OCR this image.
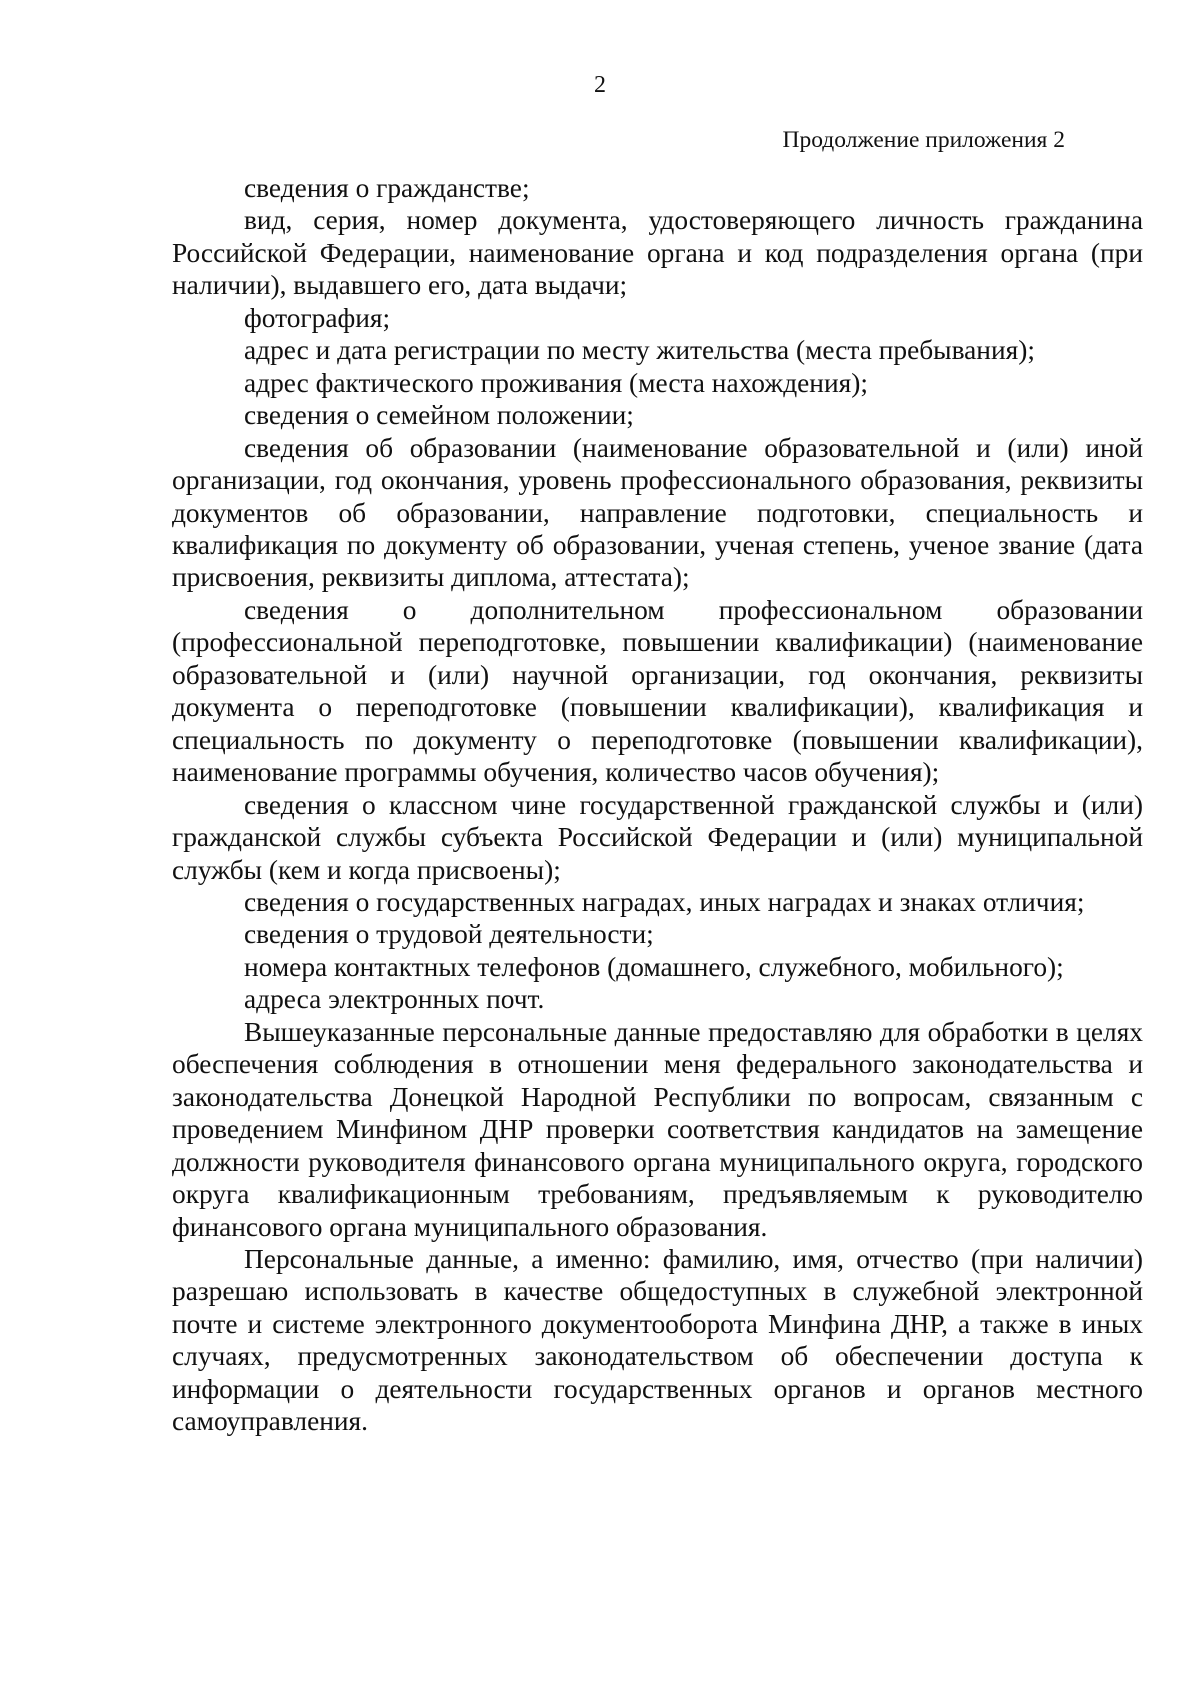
2

Продолжение приложения 2

сведения о гражданстве;

вид, серия, номер документа, удостоверяющего личность гражданина Российской Федерации, наименование органа и код подразделения органа (при наличии), выдавшего его, дата выдачи;

фотография;

адрес и дата регистрации по месту жительства (места пребывания);

адрес фактического проживания (места нахождения);

сведения о семейном положении;

сведения об образовании (наименование образовательной и (или) иной организации, год окончания, уровень профессионального образования, реквизиты документов об образовании, направление подготовки, специальность и квалификация по документу об образовании, ученая степень, ученое звание (дата присвоения, реквизиты диплома, аттестата);

сведения о дополнительном профессиональном образовании (профессиональной переподготовке, повышении квалификации) (наименование образовательной и (или) научной организации, год окончания, реквизиты документа о переподготовке (повышении квалификации), квалификация и специальность по документу о переподготовке (повышении квалификации), наименование программы обучения, количество часов обучения);

сведения о классном чине государственной гражданской службы и (или) гражданской службы субъекта Российской Федерации и (или) муниципальной службы (кем и когда присвоены);

сведения о государственных наградах, иных наградах и знаках отличия;

сведения о трудовой деятельности;

номера контактных телефонов (домашнего, служебного, мобильного);

адреса электронных почт.

Вышеуказанные персональные данные предоставляю для обработки в целях обеспечения соблюдения в отношении меня федерального законодательства и законодательства Донецкой Народной Республики по вопросам, связанным с проведением Минфином ДНР проверки соответствия кандидатов на замещение должности руководителя финансового органа муниципального округа, городского округа квалификационным требованиям, предъявляемым к руководителю финансового органа муниципального образования.

Персональные данные, а именно: фамилию, имя, отчество (при наличии) разрешаю использовать в качестве общедоступных в служебной электронной почте и системе электронного документооборота Минфина ДНР, а также в иных случаях, предусмотренных законодательством об обеспечении доступа к информации о деятельности государственных органов и органов местного самоуправления.
